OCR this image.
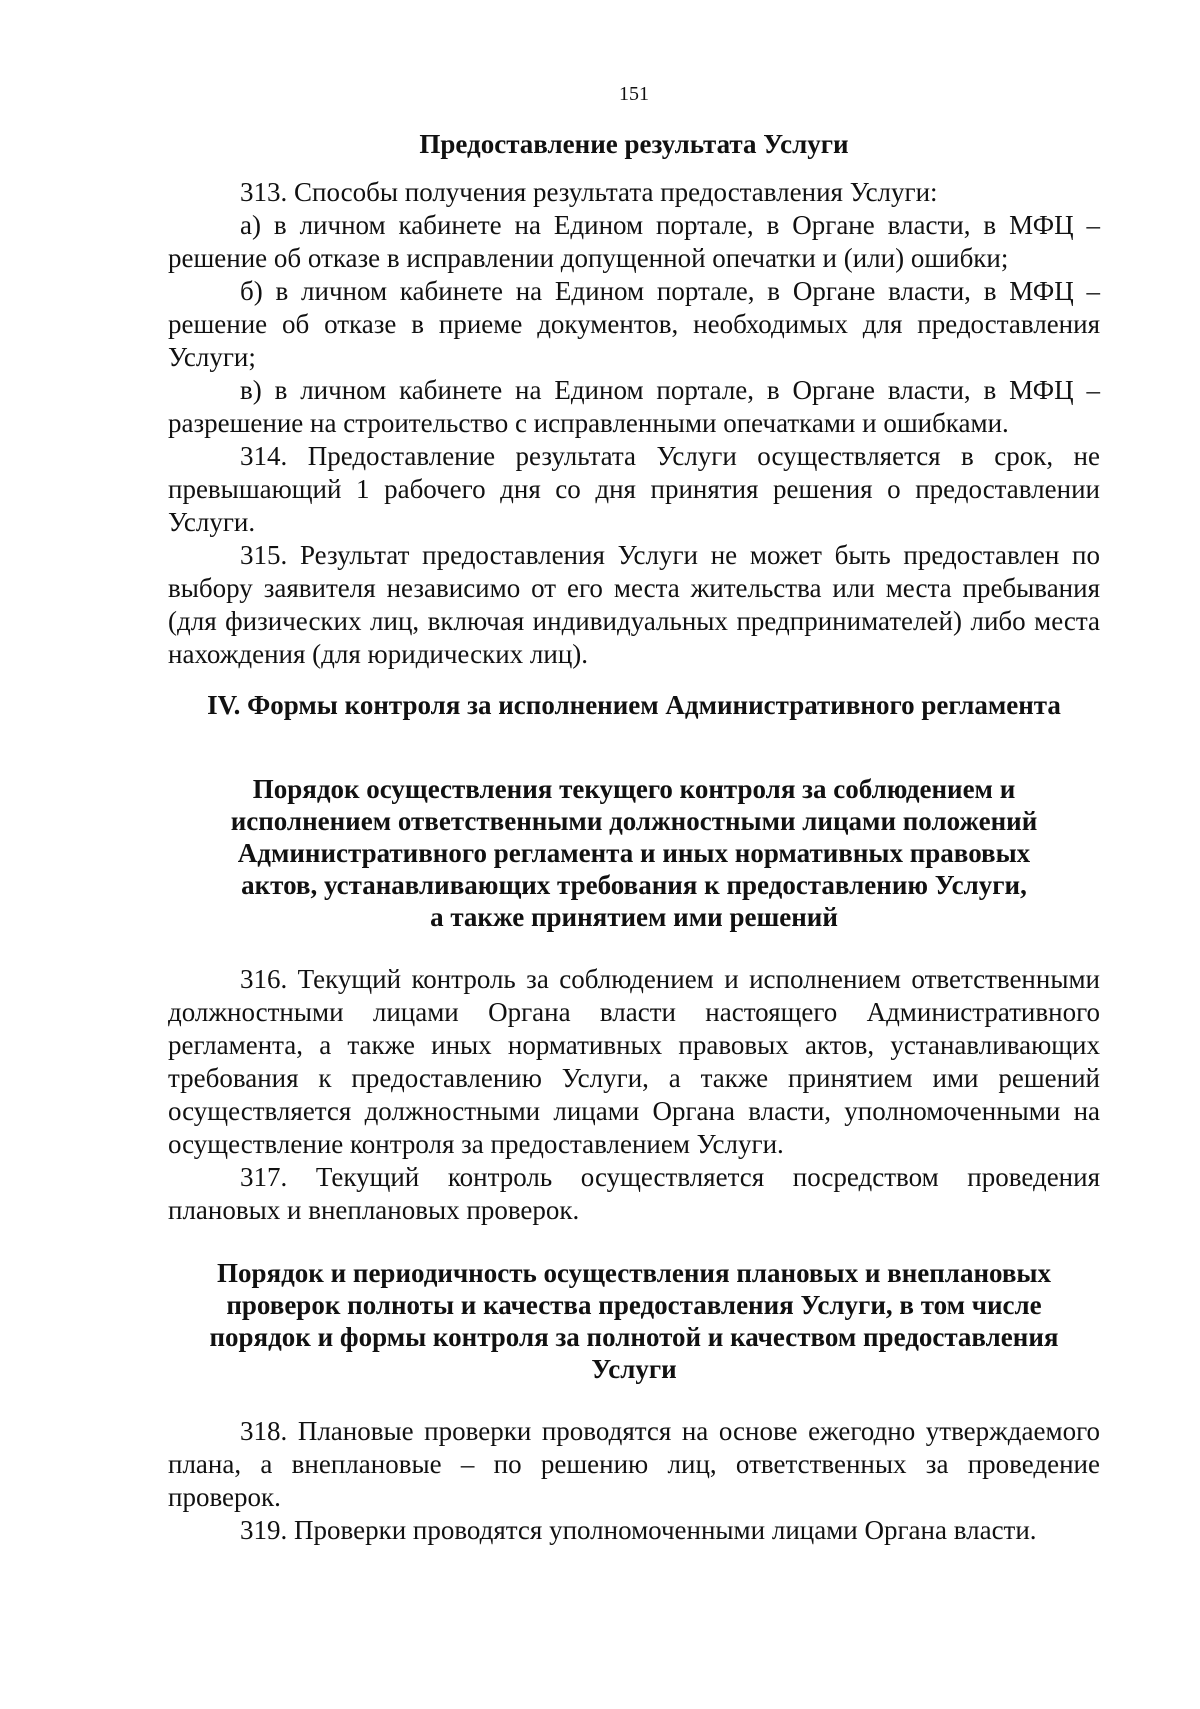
151
Предоставление результата Услуги

313. Способы получения результата предоставления Услуги:

а) в личном кабинете на Едином портале, в Органе власти, в МФЦ – решение об отказе в исправлении допущенной опечатки и (или) ошибки;

б) в личном кабинете на Едином портале, в Органе власти, в МФЦ – решение об отказе в приеме документов, необходимых для предоставления Услуги;

в) в личном кабинете на Едином портале, в Органе власти, в МФЦ – разрешение на строительство с исправленными опечатками и ошибками.

314. Предоставление результата Услуги осуществляется в срок, не превышающий 1 рабочего дня со дня принятия решения о предоставлении Услуги.

315. Результат предоставления Услуги не может быть предоставлен по выбору заявителя независимо от его места жительства или места пребывания (для физических лиц, включая индивидуальных предпринимателей) либо места нахождения (для юридических лиц).

IV. Формы контроля за исполнением Административного регламента
Порядок осуществления текущего контроля за соблюдением и
исполнением ответственными должностными лицами положений
Административного регламента и иных нормативных правовых
актов, устанавливающих требования к предоставлению Услуги,
а также принятием ими решений

316. Текущий контроль за соблюдением и исполнением ответственными должностными лицами Органа власти настоящего Административного регламента, а также иных нормативных правовых актов, устанавливающих требования к предоставлению Услуги, а также принятием ими решений осуществляется должностными лицами Органа власти, уполномоченными на осуществление контроля за предоставлением Услуги.

317. Текущий контроль осуществляется посредством проведения плановых и внеплановых проверок.

Порядок и периодичность осуществления плановых и внеплановых
проверок полноты и качества предоставления Услуги, в том числе
порядок и формы контроля за полнотой и качеством предоставления
Услуги

318. Плановые проверки проводятся на основе ежегодно утверждаемого плана, а внеплановые – по решению лиц, ответственных за проведение проверок.

319. Проверки проводятся уполномоченными лицами Органа власти.
